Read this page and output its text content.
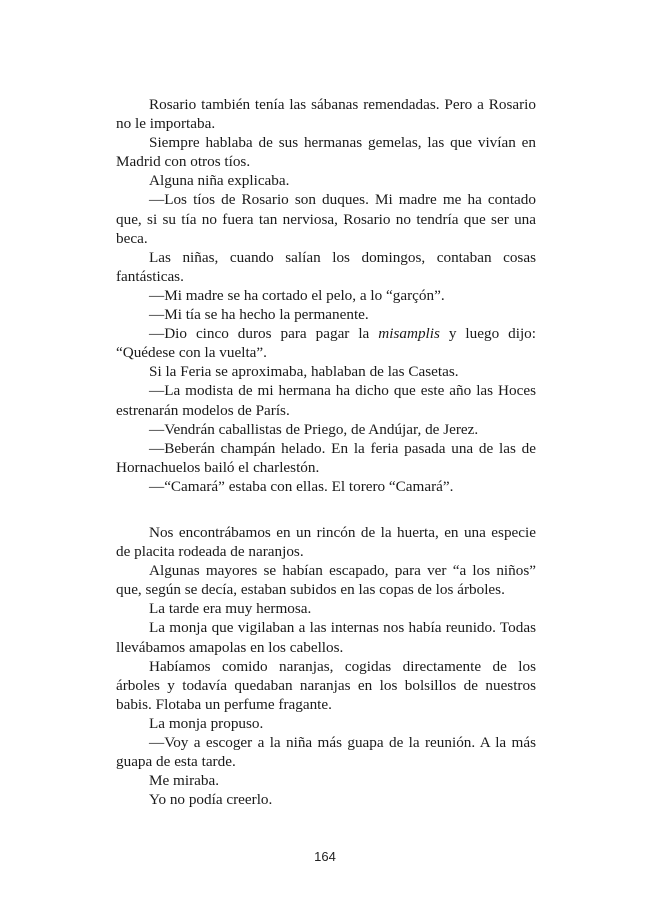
Rosario también tenía las sábanas remendadas. Pero a Rosario no le importaba.

Siempre hablaba de sus hermanas gemelas, las que vivían en Madrid con otros tíos.

Alguna niña explicaba.

—Los tíos de Rosario son duques. Mi madre me ha contado que, si su tía no fuera tan nerviosa, Rosario no tendría que ser una beca.

Las niñas, cuando salían los domingos, contaban cosas fantásticas.

—Mi madre se ha cortado el pelo, a lo “garçón”.

—Mi tía se ha hecho la permanente.

—Dio cinco duros para pagar la misamplis y luego dijo: “Quédese con la vuelta”.

Si la Feria se aproximaba, hablaban de las Casetas.

—La modista de mi hermana ha dicho que este año las Hoces estrenarán modelos de París.

—Vendrán caballistas de Priego, de Andújar, de Jerez.

—Beberán champán helado. En la feria pasada una de las de Hornachuelos bailó el charlestón.

—“Camará” estaba con ellas. El torero “Camará”.

Nos encontrábamos en un rincón de la huerta, en una especie de placita rodeada de naranjos.

Algunas mayores se habían escapado, para ver “a los niños” que, según se decía, estaban subidos en las copas de los árboles.

La tarde era muy hermosa.

La monja que vigilaban a las internas nos había reunido. Todas llevábamos amapolas en los cabellos.

Habíamos comido naranjas, cogidas directamente de los árboles y todavía quedaban naranjas en los bolsillos de nuestros babis. Flotaba un perfume fragante.

La monja propuso.

—Voy a escoger a la niña más guapa de la reunión. A la más guapa de esta tarde.

Me miraba.

Yo no podía creerlo.

164
